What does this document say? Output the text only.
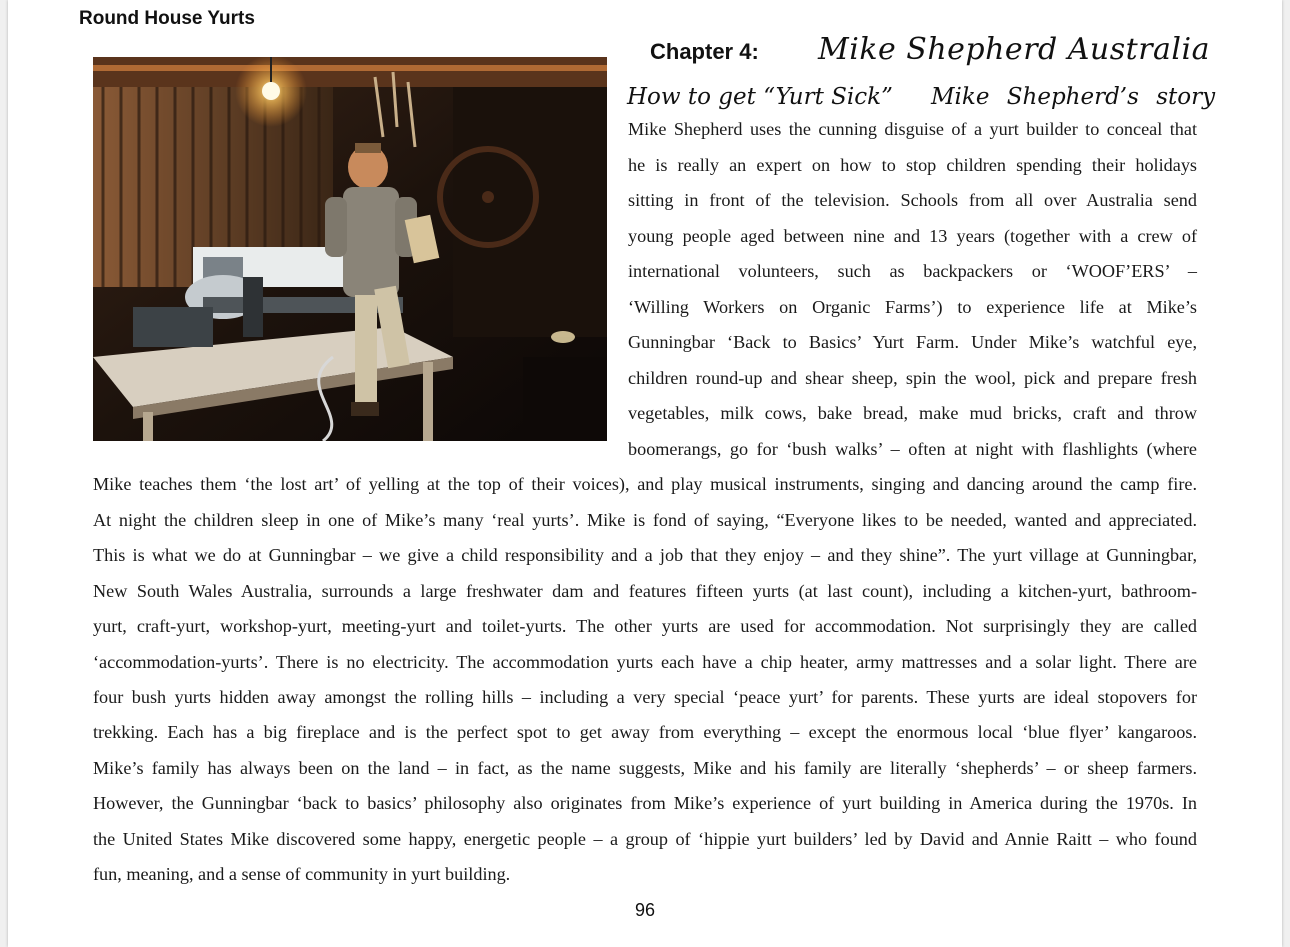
Round House Yurts
Chapter 4: Mike Shepherd Australia
How to get “Yurt Sick” Mike Shepherd’s story
Mike Shepherd uses the cunning disguise of a yurt builder to conceal that
he is really an expert on how to stop children spending their holidays
sitting in front of the television. Schools from all over Australia send
young people aged between nine and 13 years (together with a crew of
international volunteers, such as backpackers or ‘WOOF’ERS’ –
‘Willing Workers on Organic Farms’) to experience life at Mike’s
Gunningbar ‘Back to Basics’ Yurt Farm. Under Mike’s watchful eye,
children round-up and shear sheep, spin the wool, pick and prepare fresh
vegetables, milk cows, bake bread, make mud bricks, craft and throw
boomerangs, go for ‘bush walks’ – often at night with flashlights (where
Mike teaches them ‘the lost art’ of yelling at the top of their voices), and play musical instruments, singing and dancing around the camp fire.
At night the children sleep in one of Mike’s many ‘real yurts’. Mike is fond of saying, “Everyone likes to be needed, wanted and appreciated.
This is what we do at Gunningbar – we give a child responsibility and a job that they enjoy – and they shine”. The yurt village at Gunningbar,
New South Wales Australia, surrounds a large freshwater dam and features fifteen yurts (at last count), including a kitchen-yurt, bathroom-
yurt, craft-yurt, workshop-yurt, meeting-yurt and toilet-yurts. The other yurts are used for accommodation. Not surprisingly they are called
‘accommodation-yurts’. There is no electricity. The accommodation yurts each have a chip heater, army mattresses and a solar light. There are
four bush yurts hidden away amongst the rolling hills – including a very special ‘peace yurt’ for parents. These yurts are ideal stopovers for
trekking. Each has a big fireplace and is the perfect spot to get away from everything – except the enormous local ‘blue flyer’ kangaroos.
Mike’s family has always been on the land – in fact, as the name suggests, Mike and his family are literally ‘shepherds’ – or sheep farmers.
However, the Gunningbar ‘back to basics’ philosophy also originates from Mike’s experience of yurt building in America during the 1970s. In
the United States Mike discovered some happy, energetic people – a group of ‘hippie yurt builders’ led by David and Annie Raitt – who found
fun, meaning, and a sense of community in yurt building.
96
